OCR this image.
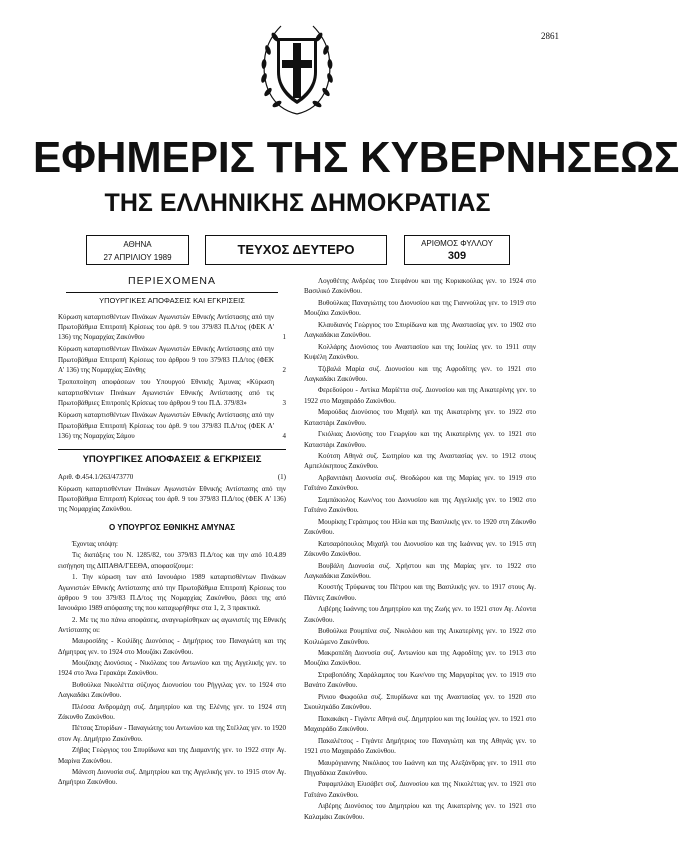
2861
ΕΦΗΜΕΡΙΣ ΤΗΣ ΚΥΒΕΡΝΗΣΕΩΣ
ΤΗΣ ΕΛΛΗΝΙΚΗΣ ΔΗΜΟΚΡΑΤΙΑΣ
ΑΘΗΝΑ
27 ΑΠΡΙΛΙΟΥ 1989
ΤΕΥΧΟΣ ΔΕΥΤΕΡΟ	ΑΡΙΘΜΟΣ ΦΥΛΛΟΥ
309
ΠΕΡΙΕΧΟΜΕΝΑ
ΥΠΟΥΡΓΙΚΕΣ ΑΠΟΦΑΣΕΙΣ ΚΑΙ ΕΓΚΡΙΣΕΙΣ
Κύρωση καταρτισθέντων Πινάκων Αγωνιστών Εθνικής Αντίστασης από την Πρωτοβάθμια Επιτροπή Κρίσεως του άρθ. 9 του 379/83 Π.Δ/τος (ΦΕΚ Α' 136) της Νομαρχίας Ζακύνθου	1
Κύρωση καταρτισθέντων Πινάκων Αγωνιστών Εθνικής Αντίστασης από την Πρωτοβάθμια Επιτροπή Κρίσεως του άρθρου 9 του 379/83 Π.Δ/τος (ΦΕΚ Α' 136) της Νομαρχίας Ξάνθης	2
Τροποποίηση αποφάσεων του Υπουργού Εθνικής Άμυνας «Κύρωση καταρτισθέντων Πινάκων Αγωνιστών Εθνικής Αντίστασης από τις Πρωτοβάθμιες Επιτροπές Κρίσεως του άρθρου 9 του Π.Δ. 379/83»	3
Κύρωση καταρτισθέντων Πινάκων Αγωνιστών Εθνικής Αντίστασης από την Πρωτοβάθμια Επιτροπή Κρίσεως του άρθ. 9 του 379/83 Π.Δ/τος (ΦΕΚ Α' 136) της Νομαρχίας Σάμου	4
ΥΠΟΥΡΓΙΚΕΣ ΑΠΟΦΑΣΕΙΣ & ΕΓΚΡΙΣΕΙΣ
Αριθ. Φ.454.1/263/473770	(1)
Κύρωση καταρτισθέντων Πινάκων Αγωνιστών Εθνικής Αντίστασης από την Πρωτοβάθμια Επιτροπή Κρίσεως του άρθ. 9 του 379/83 Π.Δ/τος (ΦΕΚ Α' 136) της Νομαρχίας Ζακύνθου.
Ο ΥΠΟΥΡΓΟΣ ΕΘΝΙΚΗΣ ΑΜΥΝΑΣ

Έχοντας υπόψη:

Τις διατάξεις του Ν. 1285/82, του 379/83 Π.Δ/τος και την από 10.4.89 εισήγηση της ΔΙΠΑΘΑ/ΓΕΕΘΑ, αποφασίζουμε:

1. Την κύρωση των από Ιανουάριο 1989 καταρτισθέντων Πινάκων Αγωνιστών Εθνικής Αντίστασης από την Πρωτοβάθμια Επιτροπή Κρίσεως του άρθρου 9 του 379/83 Π.Δ/τος της Νομαρχίας Ζακύνθου, βάσει της από Ιανουάριο 1989 απόφασης της που καταχωρήθηκε στα 1, 2, 3 πρακτικά.

2. Με τις πιο πάνω αποφάσεις, αναγνωρίσθηκαν ως αγωνιστές της Εθνικής Αντίστασης οι:

Μαυροσίδης - Κοιλίδης Διονύσιος - Δημήτριος του Παναγιώτη και της Δήμητρας γεν. το 1924 στο Μουζάκι Ζακύνθου.

Μουζάκης Διονύσιος - Νικόλαος του Αντωνίου και της Αγγελικής γεν. το 1924 στο Άνω Γερακάρι Ζακύνθου.

Βυθούλκα Νικολέττα σύζυγος Διονυσίου του Ρήγγιλας γεν. το 1924 στο Λαγκαδάκι Ζακύνθου.

Πλέσσα Ανδρομάχη συζ. Δημητρίου και της Ελένης γεν. το 1924 στη Ζάκυνθο Ζακύνθου.

Πέτσας Σπυρίδων - Παναγιώτης του Αντωνίου και της Στέλλας γεν. το 1920 στον Αγ. Δημήτριο Ζακύνθου.

Ζήβας Γεώργιος του Σπυρίδωνα και της Διαμαντής γεν. το 1922 στην Αγ. Μαρίνα Ζακύνθου.

Μάνεση Διονυσία συζ. Δημητρίου και της Αγγελικής γεν. το 1915 στον Αγ. Δημήτριο Ζακύνθου.

Λογοθέτης Ανδρέας του Στεφάνου και της Κυριακούλας γεν. το 1924 στο Βασιλικό Ζακύνθου.

Βυθούλκας Παναγιώτης του Διονυσίου και της Γιαννούλας γεν. το 1919 στο Μουζάκι Ζακύνθου.

Κλαυδιανός Γεώργιος του Σπυρίδωνα και της Αναστασίας γεν. το 1902 στο Λαγκαδάκια Ζακύνθου.

Κολλάρης Διονύσιος του Αναστασίου και της Ιουλίας γεν. το 1911 στην Κυψέλη Ζακύνθου.

Τζιβαλά Μαρία συζ. Διονυσίου και της Αφροδίτης γεν. το 1921 στο Λαγκαδάκι Ζακύνθου.

Φερεδούρου - Αντίκα Μαρίέττα συζ. Διονυσίου και της Αικατερίνης γεν. το 1922 στο Μαχαιράδο Ζακύνθου.

Μαρούδας Διονύσιος του Μιχαήλ και της Αικατερίνης γεν. το 1922 στο Καταστάρι Ζακύνθου.

Γκιόλιας Διονύσης του Γεωργίου και της Αικατερίνης γεν. το 1921 στο Καταστάρι Ζακύνθου.

Κούτση Αθηνά συζ. Σωτηρίου και της Αναστασίας γεν. το 1912 στους Αμπελόκηπους Ζακύνθου.

Αρβανιτάκη Διονυσία συζ. Θεοδώρου και της Μαρίας γεν. το 1919 στο Γαΐτάνο Ζακύνθου.

Σαμπάκιολος Κων/νος του Διονυσίου και της Αγγελικής γεν. το 1902 στο Γαΐτάνο Ζακύνθου.

Μουρίκης Γεράσιμος του Ηλία και της Βασιλικής γεν. το 1920 στη Ζάκυνθο Ζακύνθου.

Κατσαρόπουλος Μιχαήλ του Διονυσίου και της Ιωάννας γεν. το 1915 στη Ζάκυνθο Ζακύνθου.

Βουβάλη Διονυσία συζ. Χρήστου και της Μαρίας γεν. το 1922 στο Λαγκαδάκια Ζακύνθου.

Κουστής Τρύφωνας του Πέτρου και της Βασιλικής γεν. το 1917 στους Αγ. Πάντες Ζακύνθου.

Λιβέρης Ιωάννης του Δημητρίου και της Ζωής γεν. το 1921 στον Αγ. Λέοντα Ζακύνθου.

Βυθούλκα Ρουμπίνα συζ. Νικολάου και της Αικατερίνης γεν. το 1922 στο Κοιλιώμενο Ζακύνθου.

Μακροπέδη Διονυσία συζ. Αντωνίου και της Αφροδίτης γεν. το 1913 στο Μουζάκι Ζακύνθου.

Στραβοπόδης Χαράλαμπος του Κων/νου της Μαργαρίτας γεν. το 1919 στο Βανάτο Ζακύνθου.

Ρίνιου Φωφούλα συζ. Σπυρίδωνα και της Αναστασίας γεν. το 1920 στο Σκουληκάδο Ζακύνθου.

Πακακάκη - Γιγάντε Αθηνά συζ. Δημητρίου και της Ιουλίας γεν. το 1921 στο Μαχαιράδο Ζακύνθου.

Πακαλέτσος - Γιγάντε Δημήτριος του Παναγιώτη και της Αθηνάς γεν. το 1921 στο Μαχαιράδο Ζακύνθου.

Μαυρόγιαννης Νικόλαος του Ιωάννη και της Αλεξάνδρας γεν. το 1911 στο Πηγαδάκια Ζακύνθου.

Ραφαμπλάκη Ελισάβετ συζ. Διονυσίου και της Νικολέττας γεν. το 1921 στο Γαΐτάνο Ζακύνθου.

Λιβέρης Διονύσιος του Δημητρίου και της Αικατερίνης γεν. το 1921 στο Καλαμάκι Ζακύνθου.
